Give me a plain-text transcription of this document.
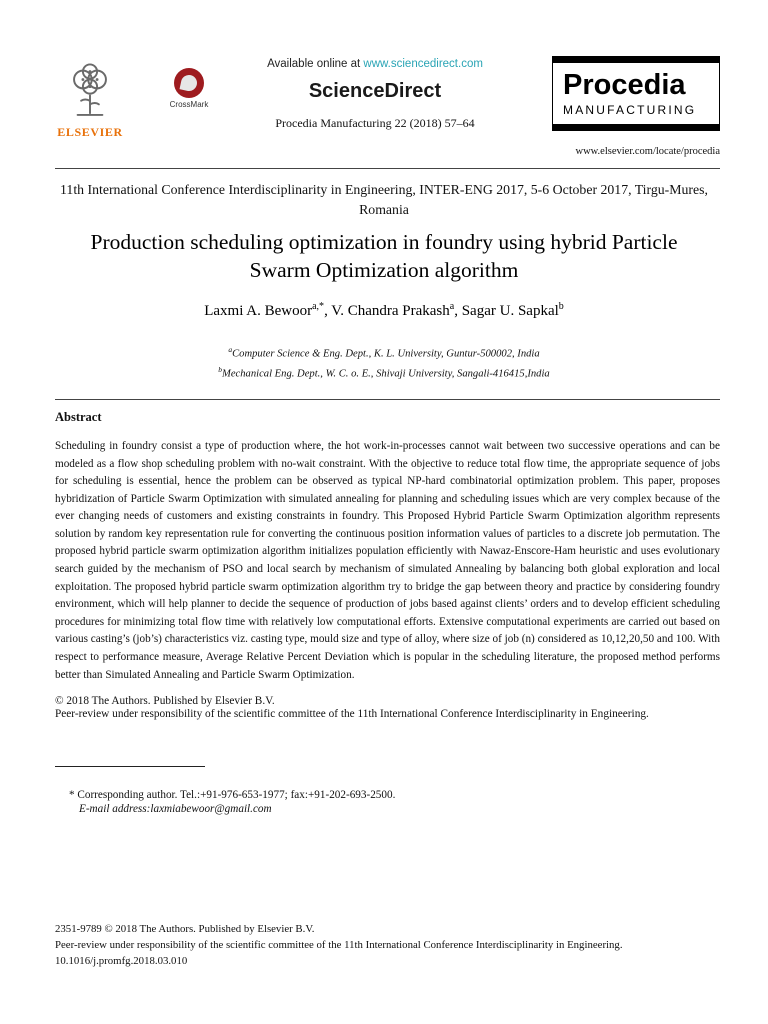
ELSEVIER
CrossMark
Available online at www.sciencedirect.com
ScienceDirect
Procedia Manufacturing 22 (2018) 57–64
Procedia
MANUFACTURING
www.elsevier.com/locate/procedia
11th International Conference Interdisciplinarity in Engineering, INTER-ENG 2017, 5-6 October 2017, Tirgu-Mures, Romania
Production scheduling optimization in foundry using hybrid Particle Swarm Optimization algorithm
Laxmi A. Bewoor$^{a,*}$, V. Chandra Prakash$^a$, Sagar U. Sapkal$^b$
$^a$Computer Science & Eng. Dept., K. L. University, Guntur-500002, India
$^b$Mechanical Eng. Dept., W. C. o. E., Shivaji University, Sangali-416415,India
Abstract
Scheduling in foundry consist a type of production where, the hot work-in-processes cannot wait between two successive operations and can be modeled as a flow shop scheduling problem with no-wait constraint. With the objective to reduce total flow time, the appropriate sequence of jobs for scheduling is essential, hence the problem can be observed as typical NP-hard combinatorial optimization problem. This paper, proposes hybridization of Particle Swarm Optimization with simulated annealing for planning and scheduling issues which are very complex because of the ever changing needs of customers and existing constraints in foundry. This Proposed Hybrid Particle Swarm Optimization algorithm represents solution by random key representation rule for converting the continuous position information values of particles to a discrete job permutation. The proposed hybrid particle swarm optimization algorithm initializes population efficiently with Nawaz-Enscore-Ham heuristic and uses evolutionary search guided by the mechanism of PSO and local search by mechanism of simulated Annealing by balancing both global exploration and local exploitation. The proposed hybrid particle swarm optimization algorithm try to bridge the gap between theory and practice by considering foundry environment, which will help planner to decide the sequence of production of jobs based against clients’ orders and to develop efficient scheduling procedures for minimizing total flow time with relatively low computational efforts. Extensive computational experiments are carried out based on various casting’s (job’s) characteristics viz. casting type, mould size and type of alloy, where size of job (n) considered as 10,12,20,50 and 100. With respect to performance measure, Average Relative Percent Deviation which is popular in the scheduling literature, the proposed method performs better than Simulated Annealing and Particle Swarm Optimization.
© 2018 The Authors. Published by Elsevier B.V.
Peer-review under responsibility of the scientific committee of the 11th International Conference Interdisciplinarity in Engineering.
* Corresponding author. Tel.:+91-976-653-1977; fax:+91-202-693-2500.
E-mail address:laxmiabewoor@gmail.com
2351-9789 © 2018 The Authors. Published by Elsevier B.V.
Peer-review under responsibility of the scientific committee of the 11th International Conference Interdisciplinarity in Engineering.
10.1016/j.promfg.2018.03.010
